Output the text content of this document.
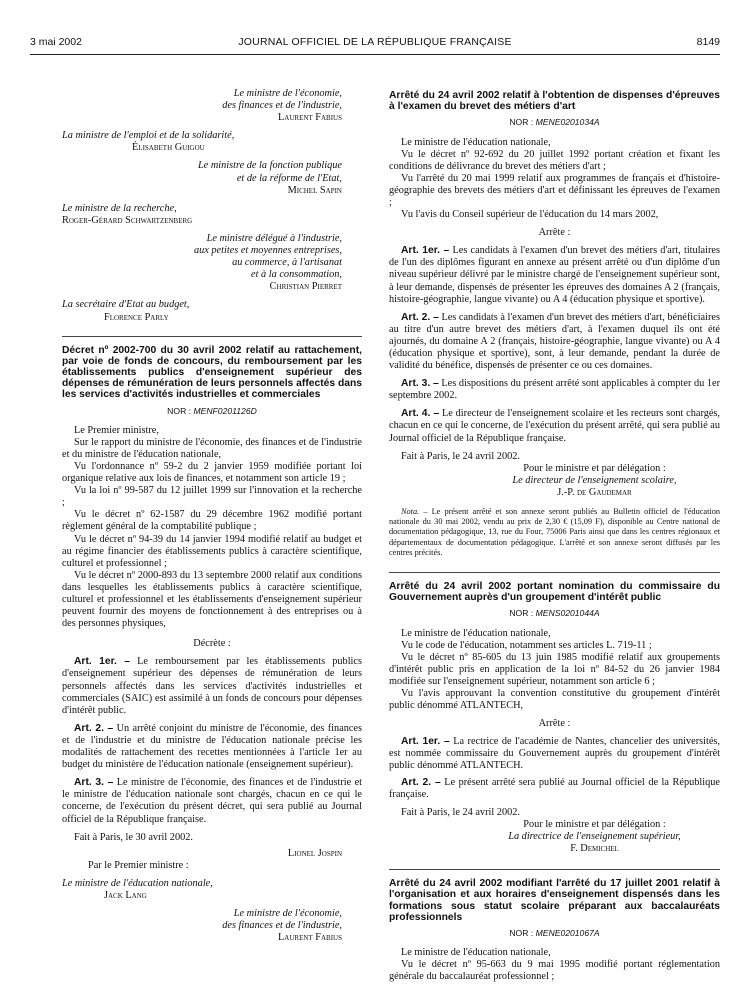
3 mai 2002	JOURNAL OFFICIEL DE LA RÉPUBLIQUE FRANÇAISE	8149

Le ministre de l'économie,

des finances et de l'industrie,

Laurent Fabius

La ministre de l'emploi et de la solidarité,

Élisabeth Guigou

Le ministre de la fonction publique

et de la réforme de l'Etat,

Michel Sapin

Le ministre de la recherche,

Roger-Gérard Schwartzenberg

Le ministre délégué à l'industrie,

aux petites et moyennes entreprises,

au commerce, à l'artisanat

et à la consommation,

Christian Pierret

La secrétaire d'Etat au budget,

Florence Parly

Décret nº 2002-700 du 30 avril 2002 relatif au rattachement, par voie de fonds de concours, du remboursement par les établissements publics d'enseignement supérieur des dépenses de rémunération de leurs personnels affectés dans les services d'activités industrielles et commerciales

NOR : MENF0201126D

Le Premier ministre,

Sur le rapport du ministre de l'économie, des finances et de l'industrie et du ministre de l'éducation nationale,

Vu l'ordonnance nº 59-2 du 2 janvier 1959 modifiée portant loi organique relative aux lois de finances, et notamment son article 19 ;

Vu la loi nº 99-587 du 12 juillet 1999 sur l'innovation et la recherche ;

Vu le décret nº 62-1587 du 29 décembre 1962 modifié portant règlement général de la comptabilité publique ;

Vu le décret nº 94-39 du 14 janvier 1994 modifié relatif au budget et au régime financier des établissements publics à caractère scientifique, culturel et professionnel ;

Vu le décret nº 2000-893 du 13 septembre 2000 relatif aux conditions dans lesquelles les établissements publics à caractère scientifique, culturel et professionnel et les établissements d'enseignement supérieur peuvent fournir des moyens de fonctionnement à des entreprises ou à des personnes physiques,

Décrète :

Art. 1er. – Le remboursement par les établissements publics d'enseignement supérieur des dépenses de rémunération de leurs personnels affectés dans les services d'activités industrielles et commerciales (SAIC) est assimilé à un fonds de concours pour dépenses d'intérêt public.

Art. 2. – Un arrêté conjoint du ministre de l'économie, des finances et de l'industrie et du ministre de l'éducation nationale précise les modalités de rattachement des recettes mentionnées à l'article 1er au budget du ministère de l'éducation nationale (enseignement supérieur).

Art. 3. – Le ministre de l'économie, des finances et de l'industrie et le ministre de l'éducation nationale sont chargés, chacun en ce qui le concerne, de l'exécution du présent décret, qui sera publié au Journal officiel de la République française.

Fait à Paris, le 30 avril 2002.

Lionel Jospin

Par le Premier ministre :

Le ministre de l'éducation nationale,

Jack Lang

Le ministre de l'économie,

des finances et de l'industrie,

Laurent Fabius

Arrêté du 24 avril 2002 relatif à l'obtention de dispenses d'épreuves à l'examen du brevet des métiers d'art

NOR : MENE0201034A

Le ministre de l'éducation nationale,

Vu le décret nº 92-692 du 20 juillet 1992 portant création et fixant les conditions de délivrance du brevet des métiers d'art ;

Vu l'arrêté du 20 mai 1999 relatif aux programmes de français et d'histoire-géographie des brevets des métiers d'art et définissant les épreuves de l'examen ;

Vu l'avis du Conseil supérieur de l'éducation du 14 mars 2002,

Arrête :

Art. 1er. – Les candidats à l'examen d'un brevet des métiers d'art, titulaires de l'un des diplômes figurant en annexe au présent arrêté ou d'un diplôme d'un niveau supérieur délivré par le ministre chargé de l'enseignement supérieur sont, à leur demande, dispensés de présenter les épreuves des domaines A 2 (français, histoire-géographie, langue vivante) ou A 4 (éducation physique et sportive).

Art. 2. – Les candidats à l'examen d'un brevet des métiers d'art, bénéficiaires au titre d'un autre brevet des métiers d'art, à l'examen duquel ils ont été ajournés, du domaine A 2 (français, histoire-géographie, langue vivante) ou A 4 (éducation physique et sportive), sont, à leur demande, pendant la durée de validité du bénéfice, dispensés de présenter ce ou ces domaines.

Art. 3. – Les dispositions du présent arrêté sont applicables à compter du 1er septembre 2002.

Art. 4. – Le directeur de l'enseignement scolaire et les recteurs sont chargés, chacun en ce qui le concerne, de l'exécution du présent arrêté, qui sera publié au Journal officiel de la République française.

Fait à Paris, le 24 avril 2002.

Pour le ministre et par délégation :

Le directeur de l'enseignement scolaire,

J.-P. de Gaudemar

Nota. – Le présent arrêté et son annexe seront publiés au Bulletin officiel de l'éducation nationale du 30 mai 2002, vendu au prix de 2,30 € (15,09 F), disponible au Centre national de documentation pédagogique, 13, rue du Four, 75006 Paris ainsi que dans les centres régionaux et départementaux de documentation pédagogique. L'arrêté et son annexe seront diffusés par les centres précités.

Arrêté du 24 avril 2002 portant nomination du commissaire du Gouvernement auprès d'un groupement d'intérêt public

NOR : MENS0201044A

Le ministre de l'éducation nationale,

Vu le code de l'éducation, notamment ses articles L. 719-11 ;

Vu le décret nº 85-605 du 13 juin 1985 modifié relatif aux groupements d'intérêt public pris en application de la loi nº 84-52 du 26 janvier 1984 modifiée sur l'enseignement supérieur, notamment son article 6 ;

Vu l'avis approuvant la convention constitutive du groupement d'intérêt public dénommé ATLANTECH,

Arrête :

Art. 1er. – La rectrice de l'académie de Nantes, chancelier des universités, est nommée commissaire du Gouvernement auprès du groupement d'intérêt public dénommé ATLANTECH.

Art. 2. – Le présent arrêté sera publié au Journal officiel de la République française.

Fait à Paris, le 24 avril 2002.

Pour le ministre et par délégation :

La directrice de l'enseignement supérieur,

F. Demichel

Arrêté du 24 avril 2002 modifiant l'arrêté du 17 juillet 2001 relatif à l'organisation et aux horaires d'enseignement dispensés dans les formations sous statut scolaire préparant aux baccalauréats professionnels

NOR : MENE0201067A

Le ministre de l'éducation nationale,

Vu le décret nº 95-663 du 9 mai 1995 modifié portant réglementation générale du baccalauréat professionnel ;
